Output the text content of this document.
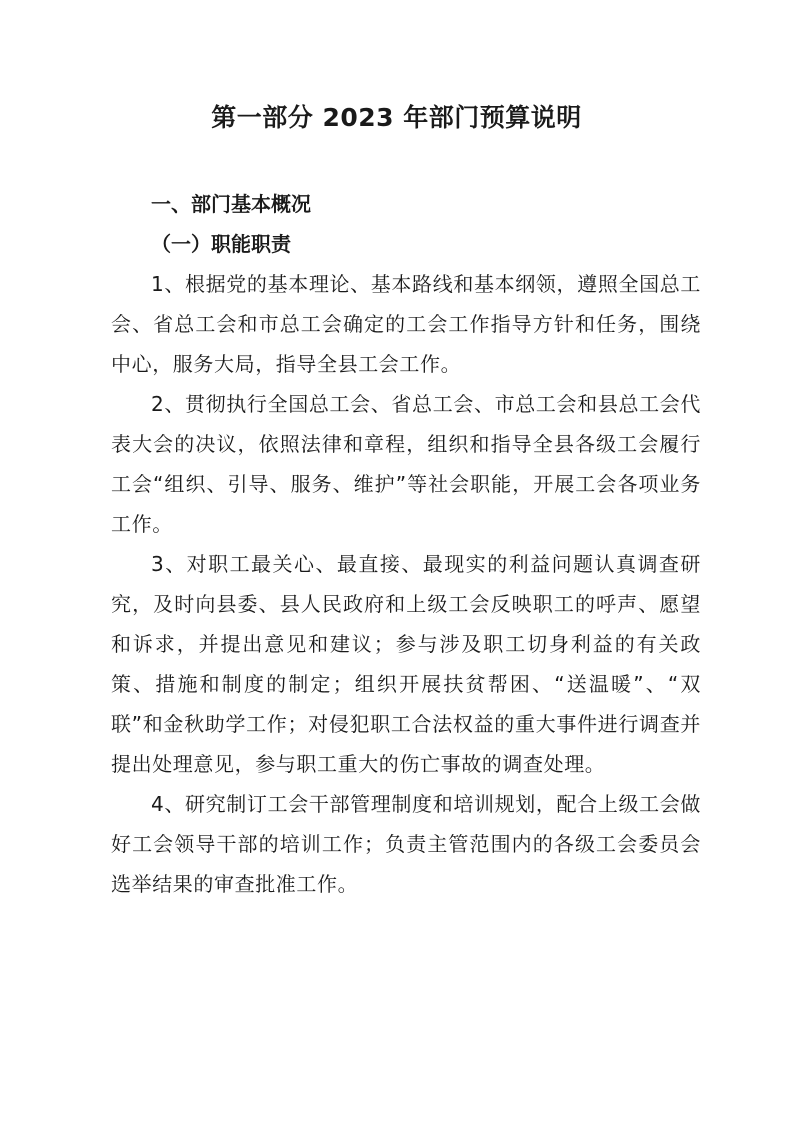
第一部分 2023 年部门预算说明

一、部门基本概况

（一）职能职责

1、根据党的基本理论、基本路线和基本纲领，遵照全国总工会、省总工会和市总工会确定的工会工作指导方针和任务，围绕中心，服务大局，指导全县工会工作。

2、贯彻执行全国总工会、省总工会、市总工会和县总工会代表大会的决议，依照法律和章程，组织和指导全县各级工会履行工会“组织、引导、服务、维护”等社会职能，开展工会各项业务工作。

3、对职工最关心、最直接、最现实的利益问题认真调查研究，及时向县委、县人民政府和上级工会反映职工的呼声、愿望和诉求，并提出意见和建议；参与涉及职工切身利益的有关政策、措施和制度的制定；组织开展扶贫帮困、“送温暖”、“双联”和金秋助学工作；对侵犯职工合法权益的重大事件进行调查并提出处理意见，参与职工重大的伤亡事故的调查处理。

4、研究制订工会干部管理制度和培训规划，配合上级工会做好工会领导干部的培训工作；负责主管范围内的各级工会委员会选举结果的审查批准工作。
